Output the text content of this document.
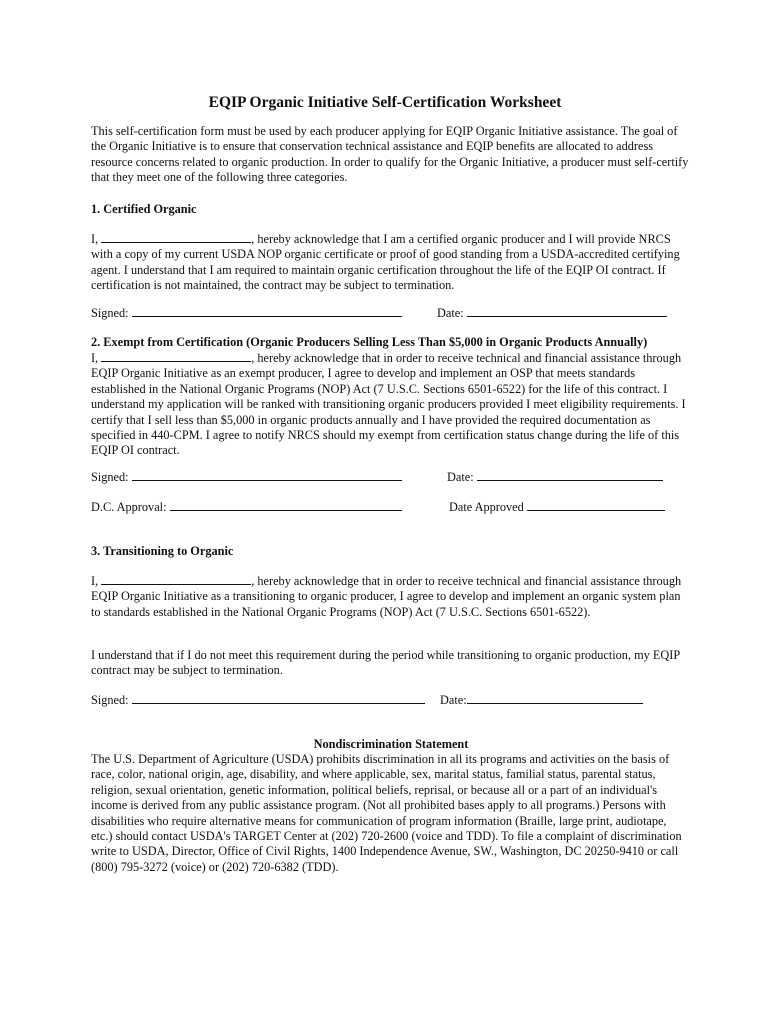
EQIP Organic Initiative Self-Certification Worksheet
This self-certification form must be used by each producer applying for EQIP Organic Initiative assistance. The goal of the Organic Initiative is to ensure that conservation technical assistance and EQIP benefits are allocated to address resource concerns related to organic production. In order to qualify for the Organic Initiative, a producer must self-certify that they meet one of the following three categories.
1. Certified Organic
I,	, hereby acknowledge that I am a certified organic producer and I will provide NRCS with a copy of my current USDA NOP organic certificate or proof of good standing from a USDA-accredited certifying agent. I understand that I am required to maintain organic certification throughout the life of the EQIP OI contract. If certification is not maintained, the contract may be subject to termination.
Signed:	Date:
2. Exempt from Certification (Organic Producers Selling Less Than $5,000 in Organic Products Annually)
I,	, hereby acknowledge that in order to receive technical and financial assistance through EQIP Organic Initiative as an exempt producer, I agree to develop and implement an OSP that meets standards established in the National Organic Programs (NOP) Act (7 U.S.C. Sections 6501-6522) for the life of this contract. I understand my application will be ranked with transitioning organic producers provided I meet eligibility requirements. I certify that I sell less than $5,000 in organic products annually and I have provided the required documentation as specified in 440-CPM. I agree to notify NRCS should my exempt from certification status change during the life of this EQIP OI contract.
Signed:	Date:
D.C. Approval:	Date Approved
3. Transitioning to Organic
I,	, hereby acknowledge that in order to receive technical and financial assistance through EQIP Organic Initiative as a transitioning to organic producer, I agree to develop and implement an organic system plan to standards established in the National Organic Programs (NOP) Act (7 U.S.C. Sections 6501-6522).
I understand that if I do not meet this requirement during the period while transitioning to organic production, my EQIP contract may be subject to termination.
Signed:	Date:
Nondiscrimination Statement
The U.S. Department of Agriculture (USDA) prohibits discrimination in all its programs and activities on the basis of race, color, national origin, age, disability, and where applicable, sex, marital status, familial status, parental status, religion, sexual orientation, genetic information, political beliefs, reprisal, or because all or a part of an individual's income is derived from any public assistance program. (Not all prohibited bases apply to all programs.) Persons with disabilities who require alternative means for communication of program information (Braille, large print, audiotape, etc.) should contact USDA's TARGET Center at (202) 720-2600 (voice and TDD). To file a complaint of discrimination write to USDA, Director, Office of Civil Rights, 1400 Independence Avenue, SW., Washington, DC 20250-9410 or call (800) 795-3272 (voice) or (202) 720-6382 (TDD).
